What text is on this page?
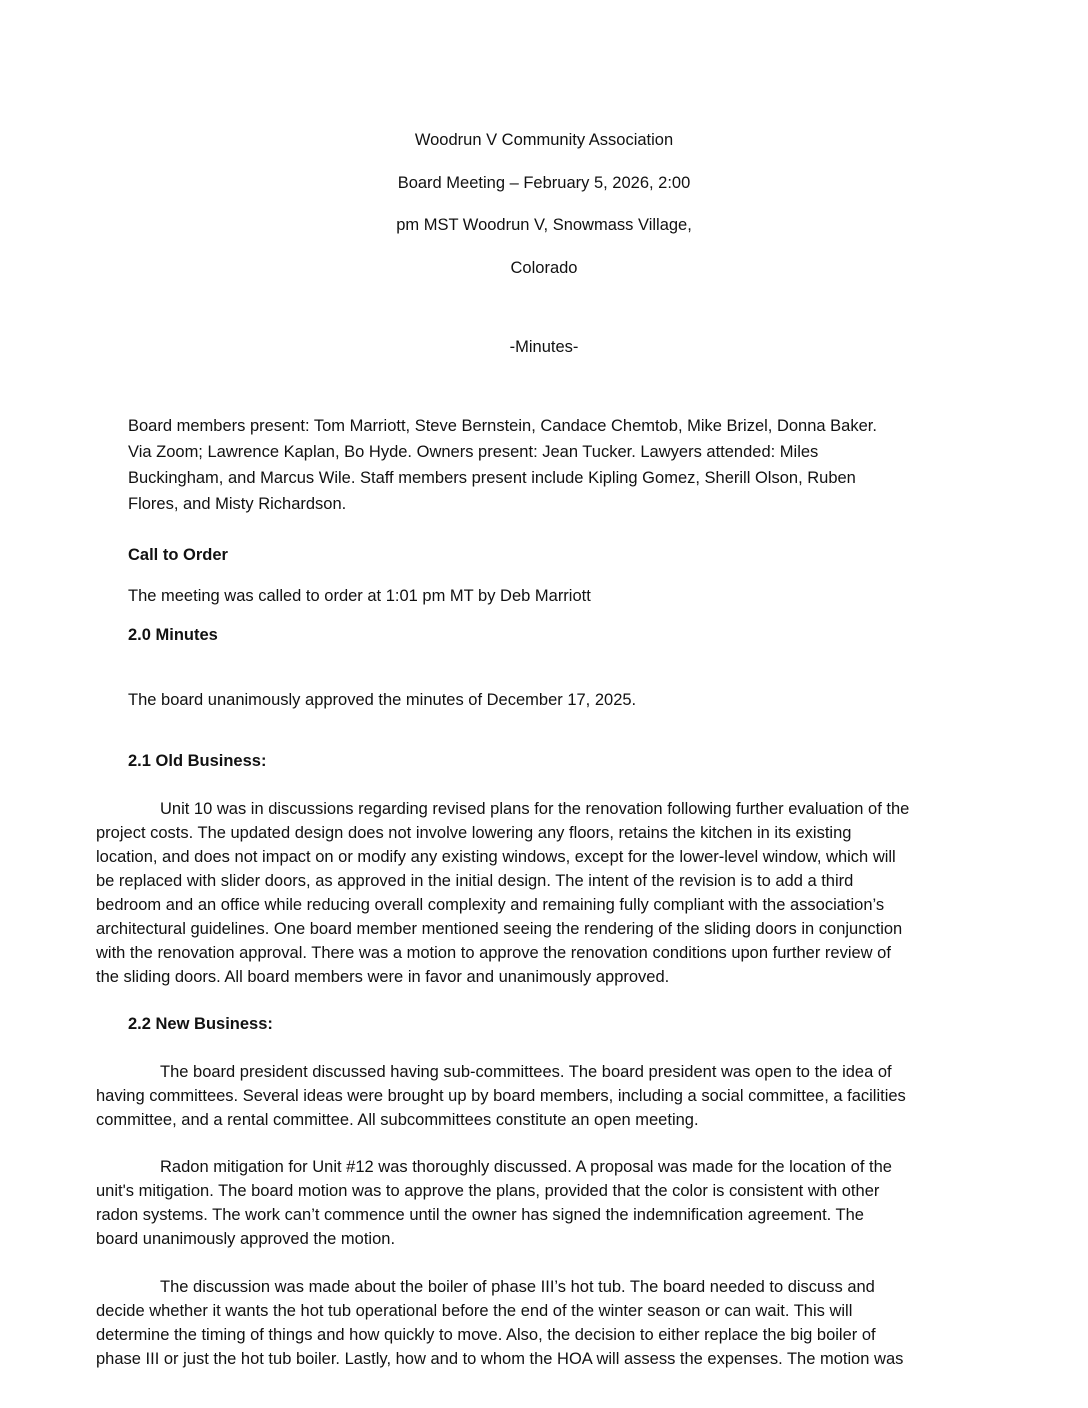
Woodrun V Community Association
Board Meeting – February 5, 2026, 2:00
pm MST Woodrun V, Snowmass Village,
Colorado
-Minutes-
Board members present: Tom Marriott, Steve Bernstein, Candace Chemtob, Mike Brizel, Donna Baker.
Via Zoom; Lawrence Kaplan, Bo Hyde. Owners present: Jean Tucker. Lawyers attended: Miles
Buckingham, and Marcus Wile. Staff members present include Kipling Gomez, Sherill Olson, Ruben
Flores, and Misty Richardson.
Call to Order
The meeting was called to order at 1:01 pm MT by Deb Marriott
2.0 Minutes
The board unanimously approved the minutes of December 17, 2025.
2.1 Old Business:
Unit 10 was in discussions regarding revised plans for the renovation following further evaluation of the
project costs. The updated design does not involve lowering any floors, retains the kitchen in its existing
location, and does not impact on or modify any existing windows, except for the lower-level window, which will
be replaced with slider doors, as approved in the initial design. The intent of the revision is to add a third
bedroom and an office while reducing overall complexity and remaining fully compliant with the association’s
architectural guidelines. One board member mentioned seeing the rendering of the sliding doors in conjunction
with the renovation approval. There was a motion to approve the renovation conditions upon further review of
the sliding doors. All board members were in favor and unanimously approved.
2.2 New Business:
The board president discussed having sub-committees. The board president was open to the idea of
having committees. Several ideas were brought up by board members, including a social committee, a facilities
committee, and a rental committee. All subcommittees constitute an open meeting.
Radon mitigation for Unit #12 was thoroughly discussed. A proposal was made for the location of the
unit's mitigation. The board motion was to approve the plans, provided that the color is consistent with other
radon systems. The work can’t commence until the owner has signed the indemnification agreement. The
board unanimously approved the motion.
The discussion was made about the boiler of phase III’s hot tub. The board needed to discuss and
decide whether it wants the hot tub operational before the end of the winter season or can wait. This will
determine the timing of things and how quickly to move. Also, the decision to either replace the big boiler of
phase III or just the hot tub boiler. Lastly, how and to whom the HOA will assess the expenses. The motion was
